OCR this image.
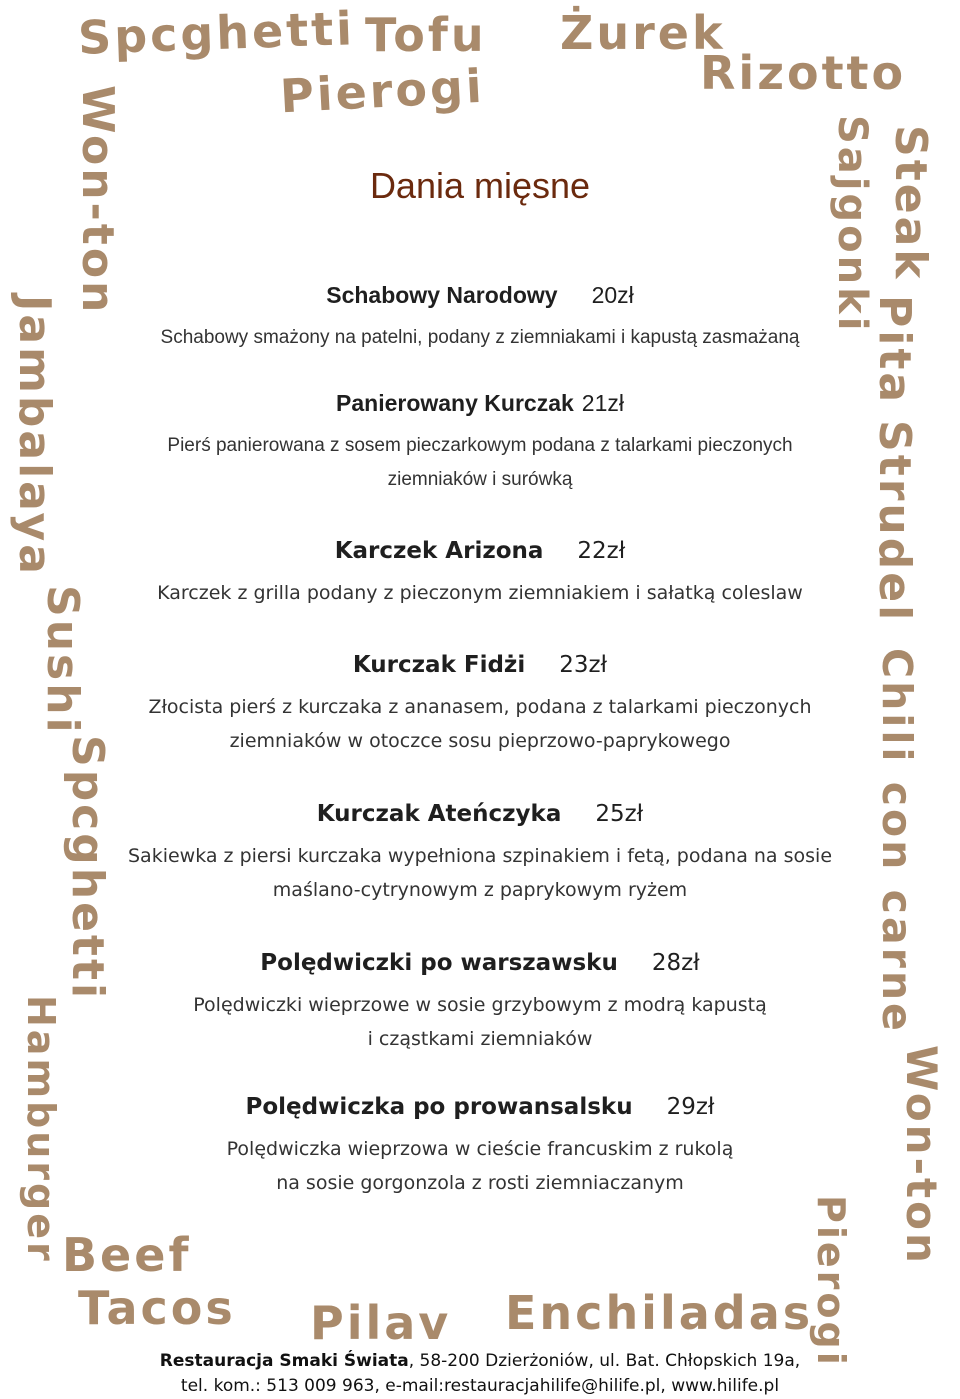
Spcghetti Tofu Żurek
Rizotto
Pierogi
Won-ton
Jambalaya
Sushi
Spcghetti
Hamburger
Sajgonki Steak
Pita
Strudel
Chili con carne
Won-ton
Pierogi
Beef
Tacos Pilav Enchiladas
Dania mięsne

Schabowy Narodowy 20zł

Schabowy smażony na patelni, podany z ziemniakami i kapustą zasmażaną

Panierowany Kurczak 21zł

Pierś panierowana z sosem pieczarkowym podana z talarkami pieczonych
ziemniaków i surówką

Karczek Arizona 22zł

Karczek z grilla podany z pieczonym ziemniakiem i sałatką coleslaw

Kurczak Fidżi 23zł

Złocista pierś z kurczaka z ananasem, podana z talarkami pieczonych
ziemniaków w otoczce sosu pieprzowo-paprykowego

Kurczak Ateńczyka 25zł

Sakiewka z piersi kurczaka wypełniona szpinakiem i fetą, podana na sosie
maślano-cytrynowym z paprykowym ryżem

Polędwiczki po warszawsku 28zł

Polędwiczki wieprzowe w sosie grzybowym z modrą kapustą
i cząstkami ziemniaków

Polędwiczka po prowansalsku 29zł

Polędwiczka wieprzowa w cieście francuskim z rukolą
na sosie gorgonzola z rosti ziemniaczanym

Restauracja Smaki Świata, 58-200 Dzierżoniów, ul. Bat. Chłopskich 19a,
tel. kom.: 513 009 963, e-mail:restauracjahilife@hilife.pl, www.hilife.pl
